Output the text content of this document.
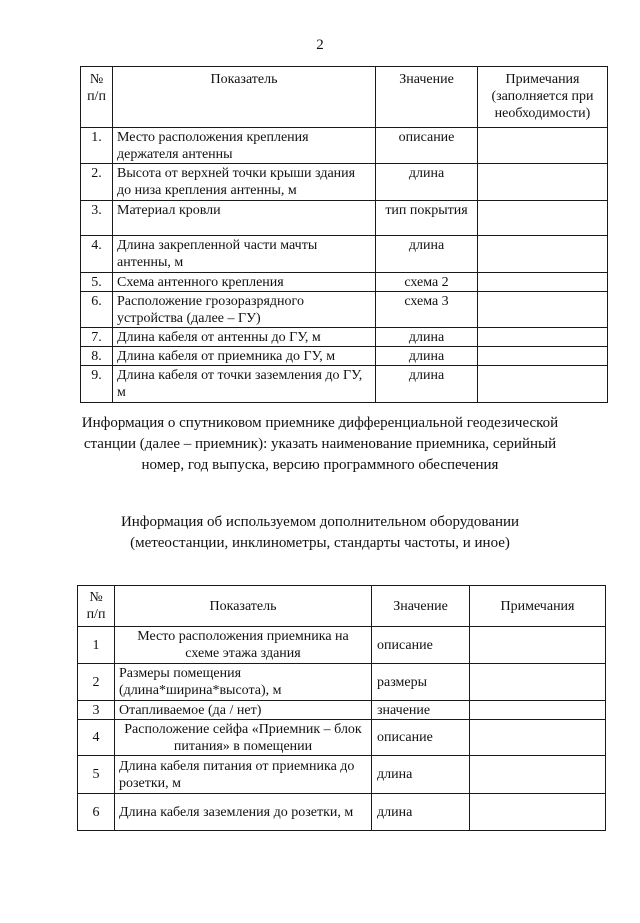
2
№ п/п	Показатель	Значение	Примечания (заполняется при необходимости)
1.	Место расположения крепления держателя антенны	описание	
2.	Высота от верхней точки крыши здания до низа крепления антенны, м	длина	
3.	Материал кровли	тип покрытия	
4.	Длина закрепленной части мачты антенны, м	длина	
5.	Схема антенного крепления	схема 2	
6.	Расположение грозоразрядного устройства (далее – ГУ)	схема 3	
7.	Длина кабеля от антенны до ГУ, м	длина	
8.	Длина кабеля от приемника до ГУ, м	длина	
9.	Длина кабеля от точки заземления до ГУ, м	длина	
Информация о спутниковом приемнике дифференциальной геодезической
станции (далее – приемник): указать наименование приемника, серийный
номер, год выпуска, версию программного обеспечения
Информация об используемом дополнительном оборудовании
(метеостанции, инклинометры, стандарты частоты, и иное)
№ п/п	Показатель	Значение	Примечания
1	Место расположения приемника на схеме этажа здания	описание	
2	Размеры помещения (длина*ширина*высота), м	размеры	
3	Отапливаемое (да / нет)	значение	
4	Расположение сейфа «Приемник – блок питания» в помещении	описание	
5	Длина кабеля питания от приемника до розетки, м	длина	
6	Длина кабеля заземления до розетки, м	длина	
